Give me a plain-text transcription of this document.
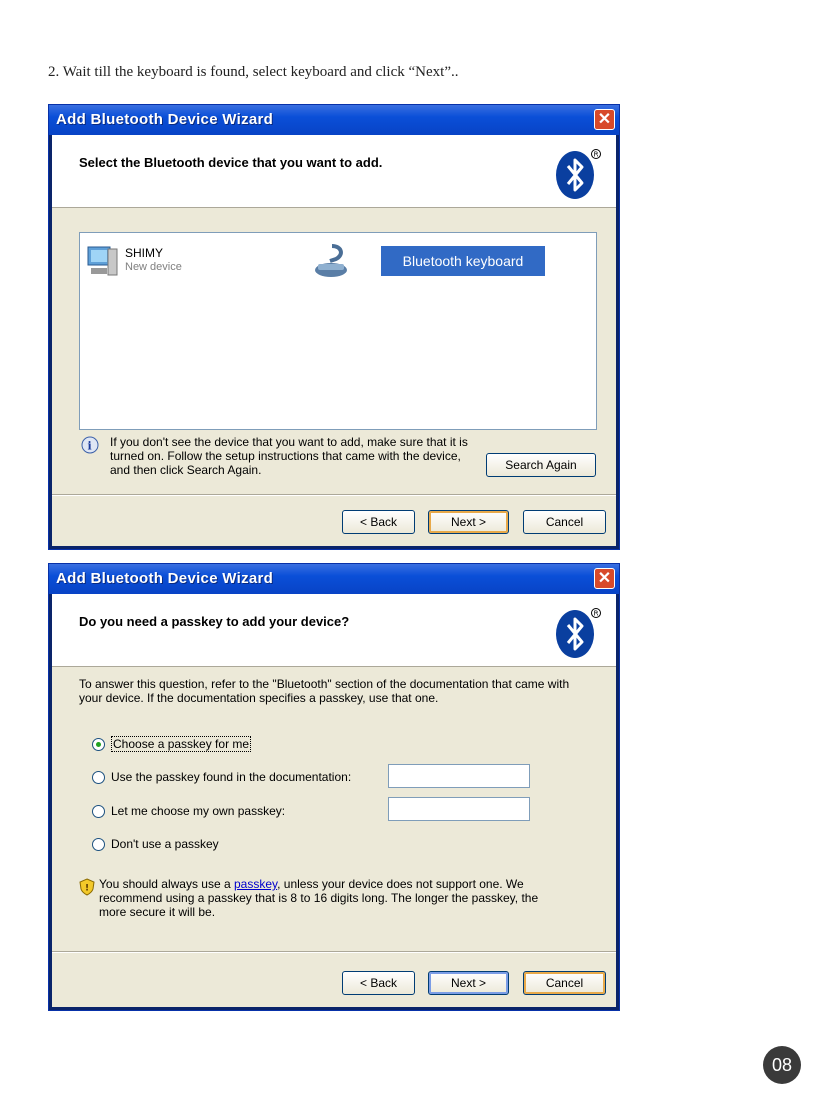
2. Wait till the keyboard is found, select keyboard and click “Next”..
Add Bluetooth Device Wizard	✕
Select the Bluetooth device that you want to add.
R
SHIMY
New device	Bluetooth keyboard
i If you don't see the device that you want to add, make sure that it is
turned on. Follow the setup instructions that came with the device,
and then click Search Again.	Search Again
< Back	Next >	Cancel
Add Bluetooth Device Wizard	✕
Do you need a passkey to add your device?
R
To answer this question, refer to the "Bluetooth" section of the documentation that came with
your device. If the documentation specifies a passkey, use that one.
Choose a passkey for me
Use the passkey found in the documentation:
Let me choose my own passkey:
Don't use a passkey
! You should always use a passkey, unless your device does not support one. We
recommend using a passkey that is 8 to 16 digits long. The longer the passkey, the
more secure it will be.
< Back	Next >	Cancel
08
